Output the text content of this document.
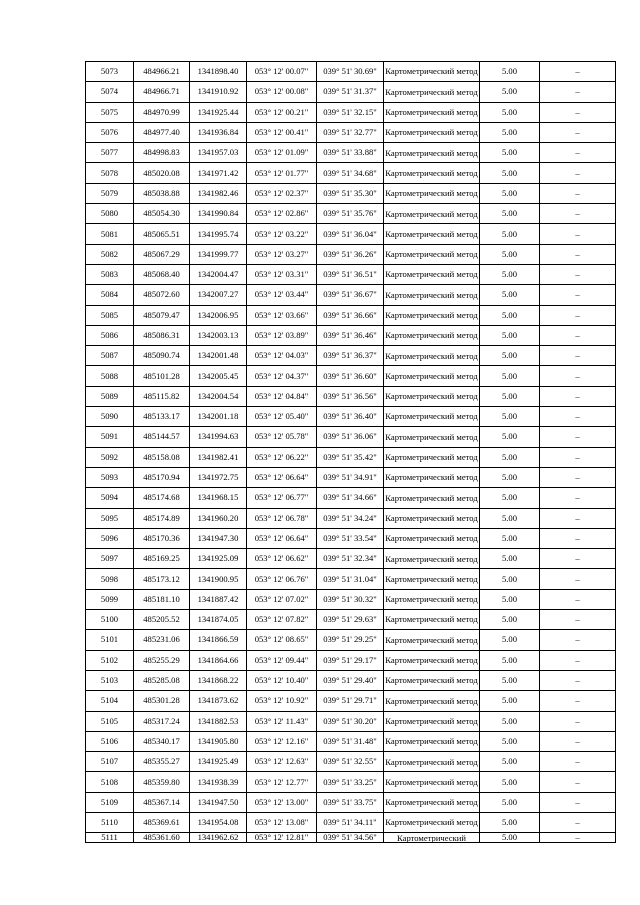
5073	484966.21	1341898.40	053° 12' 00.07"	039° 51' 30.69"	Картометрический метод	5.00	–
5074	484966.71	1341910.92	053° 12' 00.08"	039° 51' 31.37"	Картометрический метод	5.00	–
5075	484970.99	1341925.44	053° 12' 00.21"	039° 51' 32.15"	Картометрический метод	5.00	–
5076	484977.40	1341936.84	053° 12' 00.41"	039° 51' 32.77"	Картометрический метод	5.00	–
5077	484998.83	1341957.03	053° 12' 01.09"	039° 51' 33.88"	Картометрический метод	5.00	–
5078	485020.08	1341971.42	053° 12' 01.77"	039° 51' 34.68"	Картометрический метод	5.00	–
5079	485038.88	1341982.46	053° 12' 02.37"	039° 51' 35.30"	Картометрический метод	5.00	–
5080	485054.30	1341990.84	053° 12' 02.86"	039° 51' 35.76"	Картометрический метод	5.00	–
5081	485065.51	1341995.74	053° 12' 03.22"	039° 51' 36.04"	Картометрический метод	5.00	–
5082	485067.29	1341999.77	053° 12' 03.27"	039° 51' 36.26"	Картометрический метод	5.00	–
5083	485068.40	1342004.47	053° 12' 03.31"	039° 51' 36.51"	Картометрический метод	5.00	–
5084	485072.60	1342007.27	053° 12' 03.44"	039° 51' 36.67"	Картометрический метод	5.00	–
5085	485079.47	1342006.95	053° 12' 03.66"	039° 51' 36.66"	Картометрический метод	5.00	–
5086	485086.31	1342003.13	053° 12' 03.89"	039° 51' 36.46"	Картометрический метод	5.00	–
5087	485090.74	1342001.48	053° 12' 04.03"	039° 51' 36.37"	Картометрический метод	5.00	–
5088	485101.28	1342005.45	053° 12' 04.37"	039° 51' 36.60"	Картометрический метод	5.00	–
5089	485115.82	1342004.54	053° 12' 04.84"	039° 51' 36.56"	Картометрический метод	5.00	–
5090	485133.17	1342001.18	053° 12' 05.40"	039° 51' 36.40"	Картометрический метод	5.00	–
5091	485144.57	1341994.63	053° 12' 05.78"	039° 51' 36.06"	Картометрический метод	5.00	–
5092	485158.08	1341982.41	053° 12' 06.22"	039° 51' 35.42"	Картометрический метод	5.00	–
5093	485170.94	1341972.75	053° 12' 06.64"	039° 51' 34.91"	Картометрический метод	5.00	–
5094	485174.68	1341968.15	053° 12' 06.77"	039° 51' 34.66"	Картометрический метод	5.00	–
5095	485174.89	1341960.20	053° 12' 06.78"	039° 51' 34.24"	Картометрический метод	5.00	–
5096	485170.36	1341947.30	053° 12' 06.64"	039° 51' 33.54"	Картометрический метод	5.00	–
5097	485169.25	1341925.09	053° 12' 06.62"	039° 51' 32.34"	Картометрический метод	5.00	–
5098	485173.12	1341900.95	053° 12' 06.76"	039° 51' 31.04"	Картометрический метод	5.00	–
5099	485181.10	1341887.42	053° 12' 07.02"	039° 51' 30.32"	Картометрический метод	5.00	–
5100	485205.52	1341874.05	053° 12' 07.82"	039° 51' 29.63"	Картометрический метод	5.00	–
5101	485231.06	1341866.59	053° 12' 08.65"	039° 51' 29.25"	Картометрический метод	5.00	–
5102	485255.29	1341864.66	053° 12' 09.44"	039° 51' 29.17"	Картометрический метод	5.00	–
5103	485285.08	1341868.22	053° 12' 10.40"	039° 51' 29.40"	Картометрический метод	5.00	–
5104	485301.28	1341873.62	053° 12' 10.92"	039° 51' 29.71"	Картометрический метод	5.00	–
5105	485317.24	1341882.53	053° 12' 11.43"	039° 51' 30.20"	Картометрический метод	5.00	–
5106	485340.17	1341905.80	053° 12' 12.16"	039° 51' 31.48"	Картометрический метод	5.00	–
5107	485355.27	1341925.49	053° 12' 12.63"	039° 51' 32.55"	Картометрический метод	5.00	–
5108	485359.80	1341938.39	053° 12' 12.77"	039° 51' 33.25"	Картометрический метод	5.00	–
5109	485367.14	1341947.50	053° 12' 13.00"	039° 51' 33.75"	Картометрический метод	5.00	–
5110	485369.61	1341954.08	053° 12' 13.08"	039° 51' 34.11"	Картометрический метод	5.00	–
5111	485361.60	1341962.62	053° 12' 12.81"	039° 51' 34.56"	Картометрический	5.00	–
